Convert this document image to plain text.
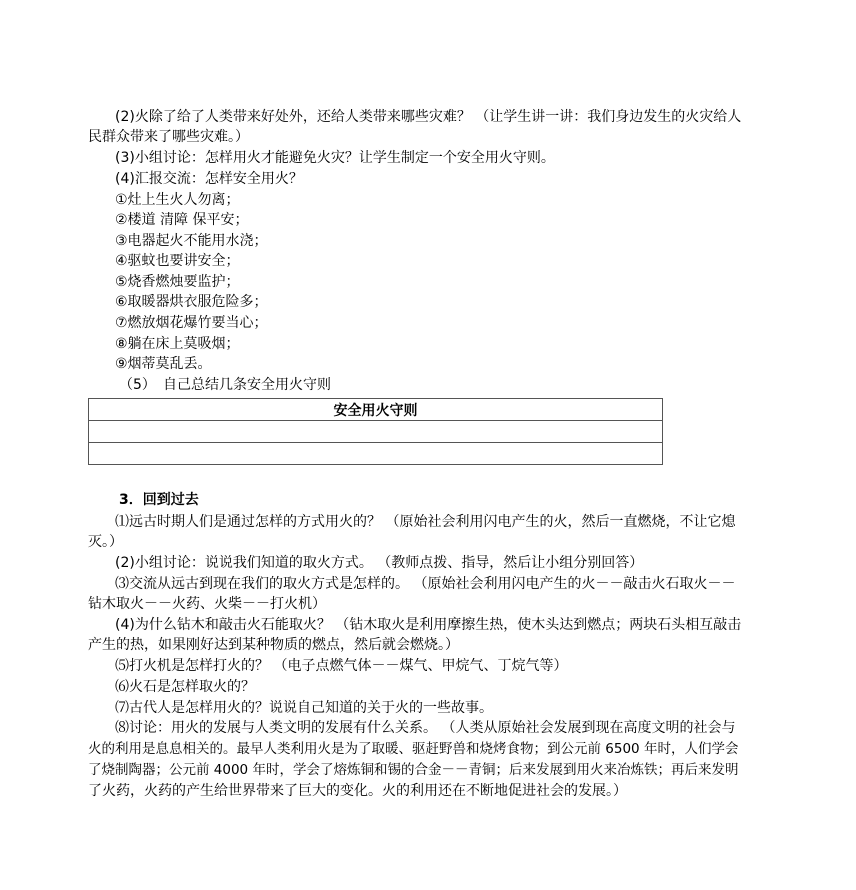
(2)火除了给了人类带来好处外，还给人类带来哪些灾难？ （让学生讲一讲：我们身边发生的火灾给人
民群众带来了哪些灾难。）
(3)小组讨论：怎样用火才能避免火灾？让学生制定一个安全用火守则。
(4)汇报交流：怎样安全用火？
①灶上生火人勿离；
②楼道 清障 保平安；
③电器起火不能用水浇；
④驱蚊也要讲安全；
⑤烧香燃烛要监护；
⑥取暖器烘衣服危险多；
⑦燃放烟花爆竹要当心；
⑧躺在床上莫吸烟；
⑨烟蒂莫乱丢。
（5） 自己总结几条安全用火守则
安全用火守则

3．回到过去
⑴远古时期人们是通过怎样的方式用火的？ （原始社会利用闪电产生的火，然后一直燃烧，不让它熄
灭。）
(2)小组讨论：说说我们知道的取火方式。 （教师点拨、指导，然后让小组分别回答）
⑶交流从远古到现在我们的取火方式是怎样的。 （原始社会利用闪电产生的火－－敲击火石取火－－
钻木取火－－火药、火柴－－打火机）
(4)为什么钻木和敲击火石能取火？ （钻木取火是利用摩擦生热，使木头达到燃点；两块石头相互敲击
产生的热，如果刚好达到某种物质的燃点，然后就会燃烧。）
⑸打火机是怎样打火的？ （电子点燃气体－－煤气、甲烷气、丁烷气等）
⑹火石是怎样取火的？
⑺古代人是怎样用火的？说说自己知道的关于火的一些故事。
⑻讨论：用火的发展与人类文明的发展有什么关系。 （人类从原始社会发展到现在高度文明的社会与
火的利用是息息相关的。最早人类利用火是为了取暖、驱赶野兽和烧烤食物；到公元前 6500 年时，人们学会
了烧制陶器；公元前 4000 年时，学会了熔炼铜和锡的合金－－青铜；后来发展到用火来冶炼铁；再后来发明
了火药，火药的产生给世界带来了巨大的变化。火的利用还在不断地促进社会的发展。）
